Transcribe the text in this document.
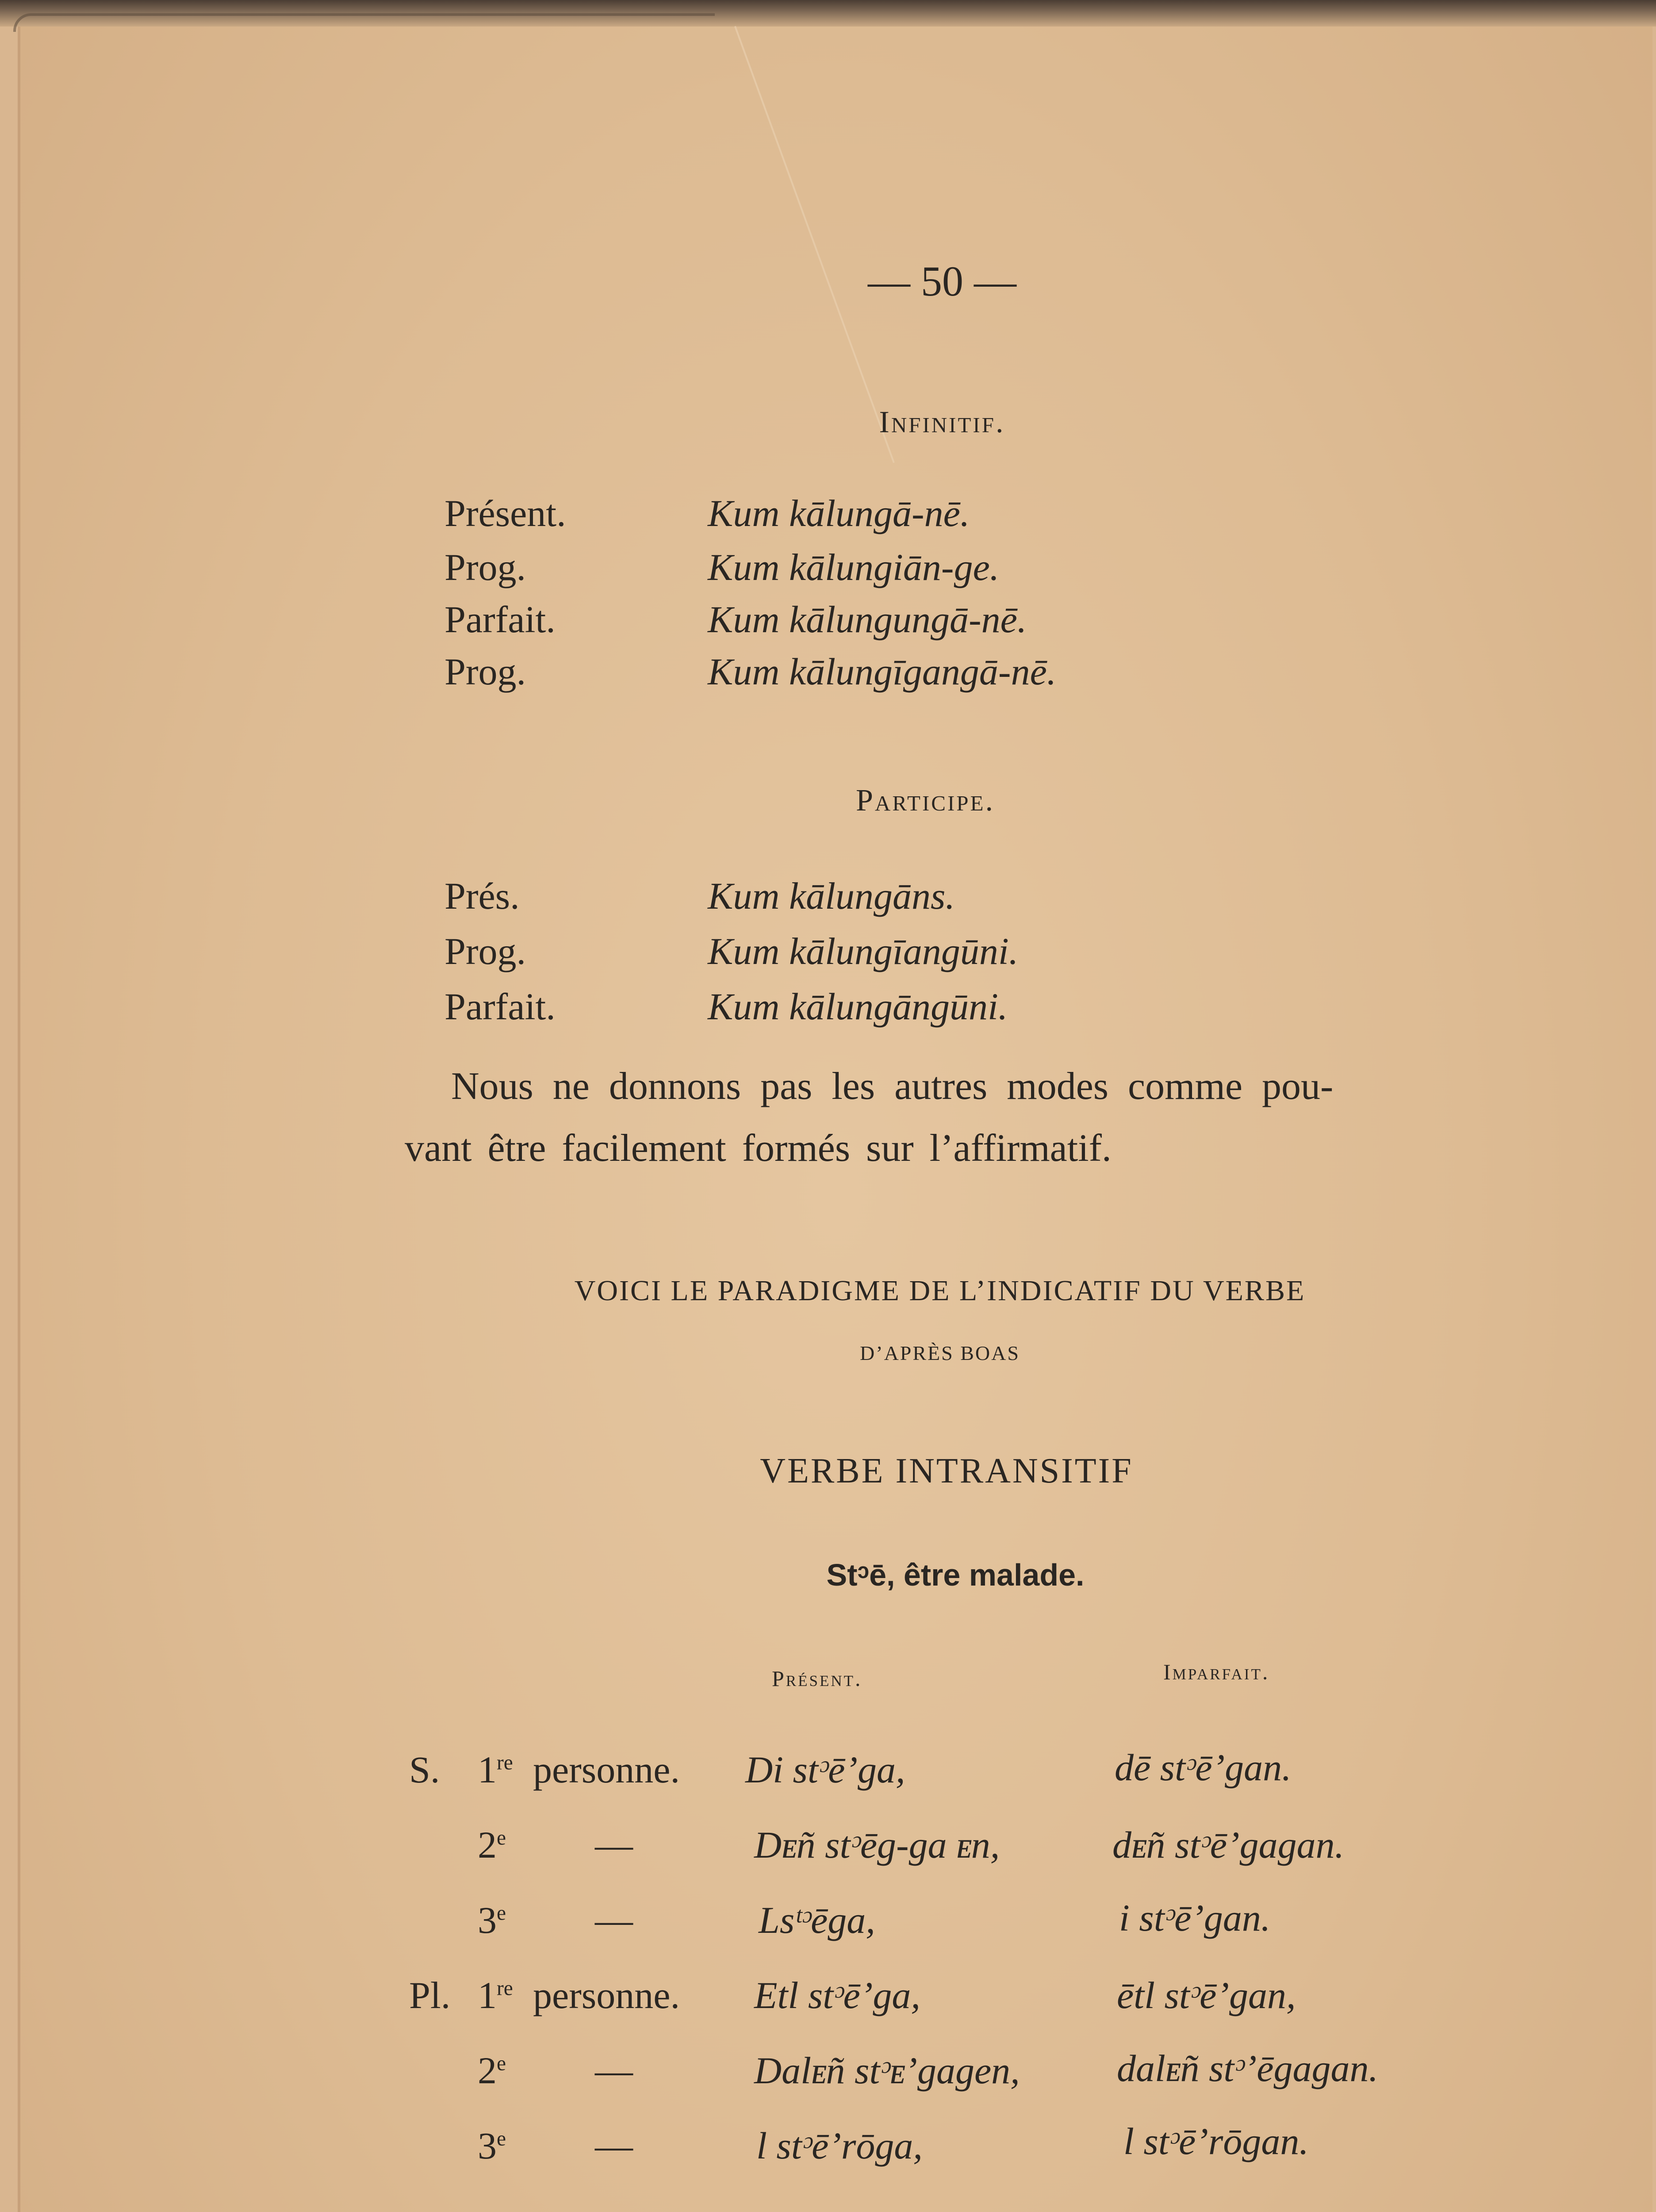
— 50 —
Infinitif.
Présent.	Kum kālungā-nē.
Prog.	Kum kālungiān-ge.
Parfait.	Kum kālungungā-nē.
Prog.	Kum kālungīgangā-nē.
Participe.
Prés.	Kum kālungāns.
Prog.	Kum kālungīangūni.
Parfait.	Kum kālungāngūni.
Nous ne donnons pas les autres modes comme pou-
vant être facilement formés sur l’affirmatif.
VOICI LE PARADIGME DE L’INDICATIF DU VERBE
D’APRÈS BOAS
VERBE INTRANSITIF
Stᵓē, être malade.
Présent.	Imparfait.
S. 1re personne. Di stᵓē’ga,	dē stᵓē’gan.
2e —	Dᴇñ stᵓēg-ga ᴇn,	dᴇñ stᵓē’gagan.
3e —	Lsᵗᵓēga,	i stᵓē’gan.
Pl. 1re personne. Etl stᵓē’ga,	ētl stᵓē’gan,
2e —	Dalᴇñ stᵓᴇ’gagen,	dalᴇñ stᵓ’ēgagan.
3e —	l stᵓē’rōga,	l stᵓē’rōgan.
